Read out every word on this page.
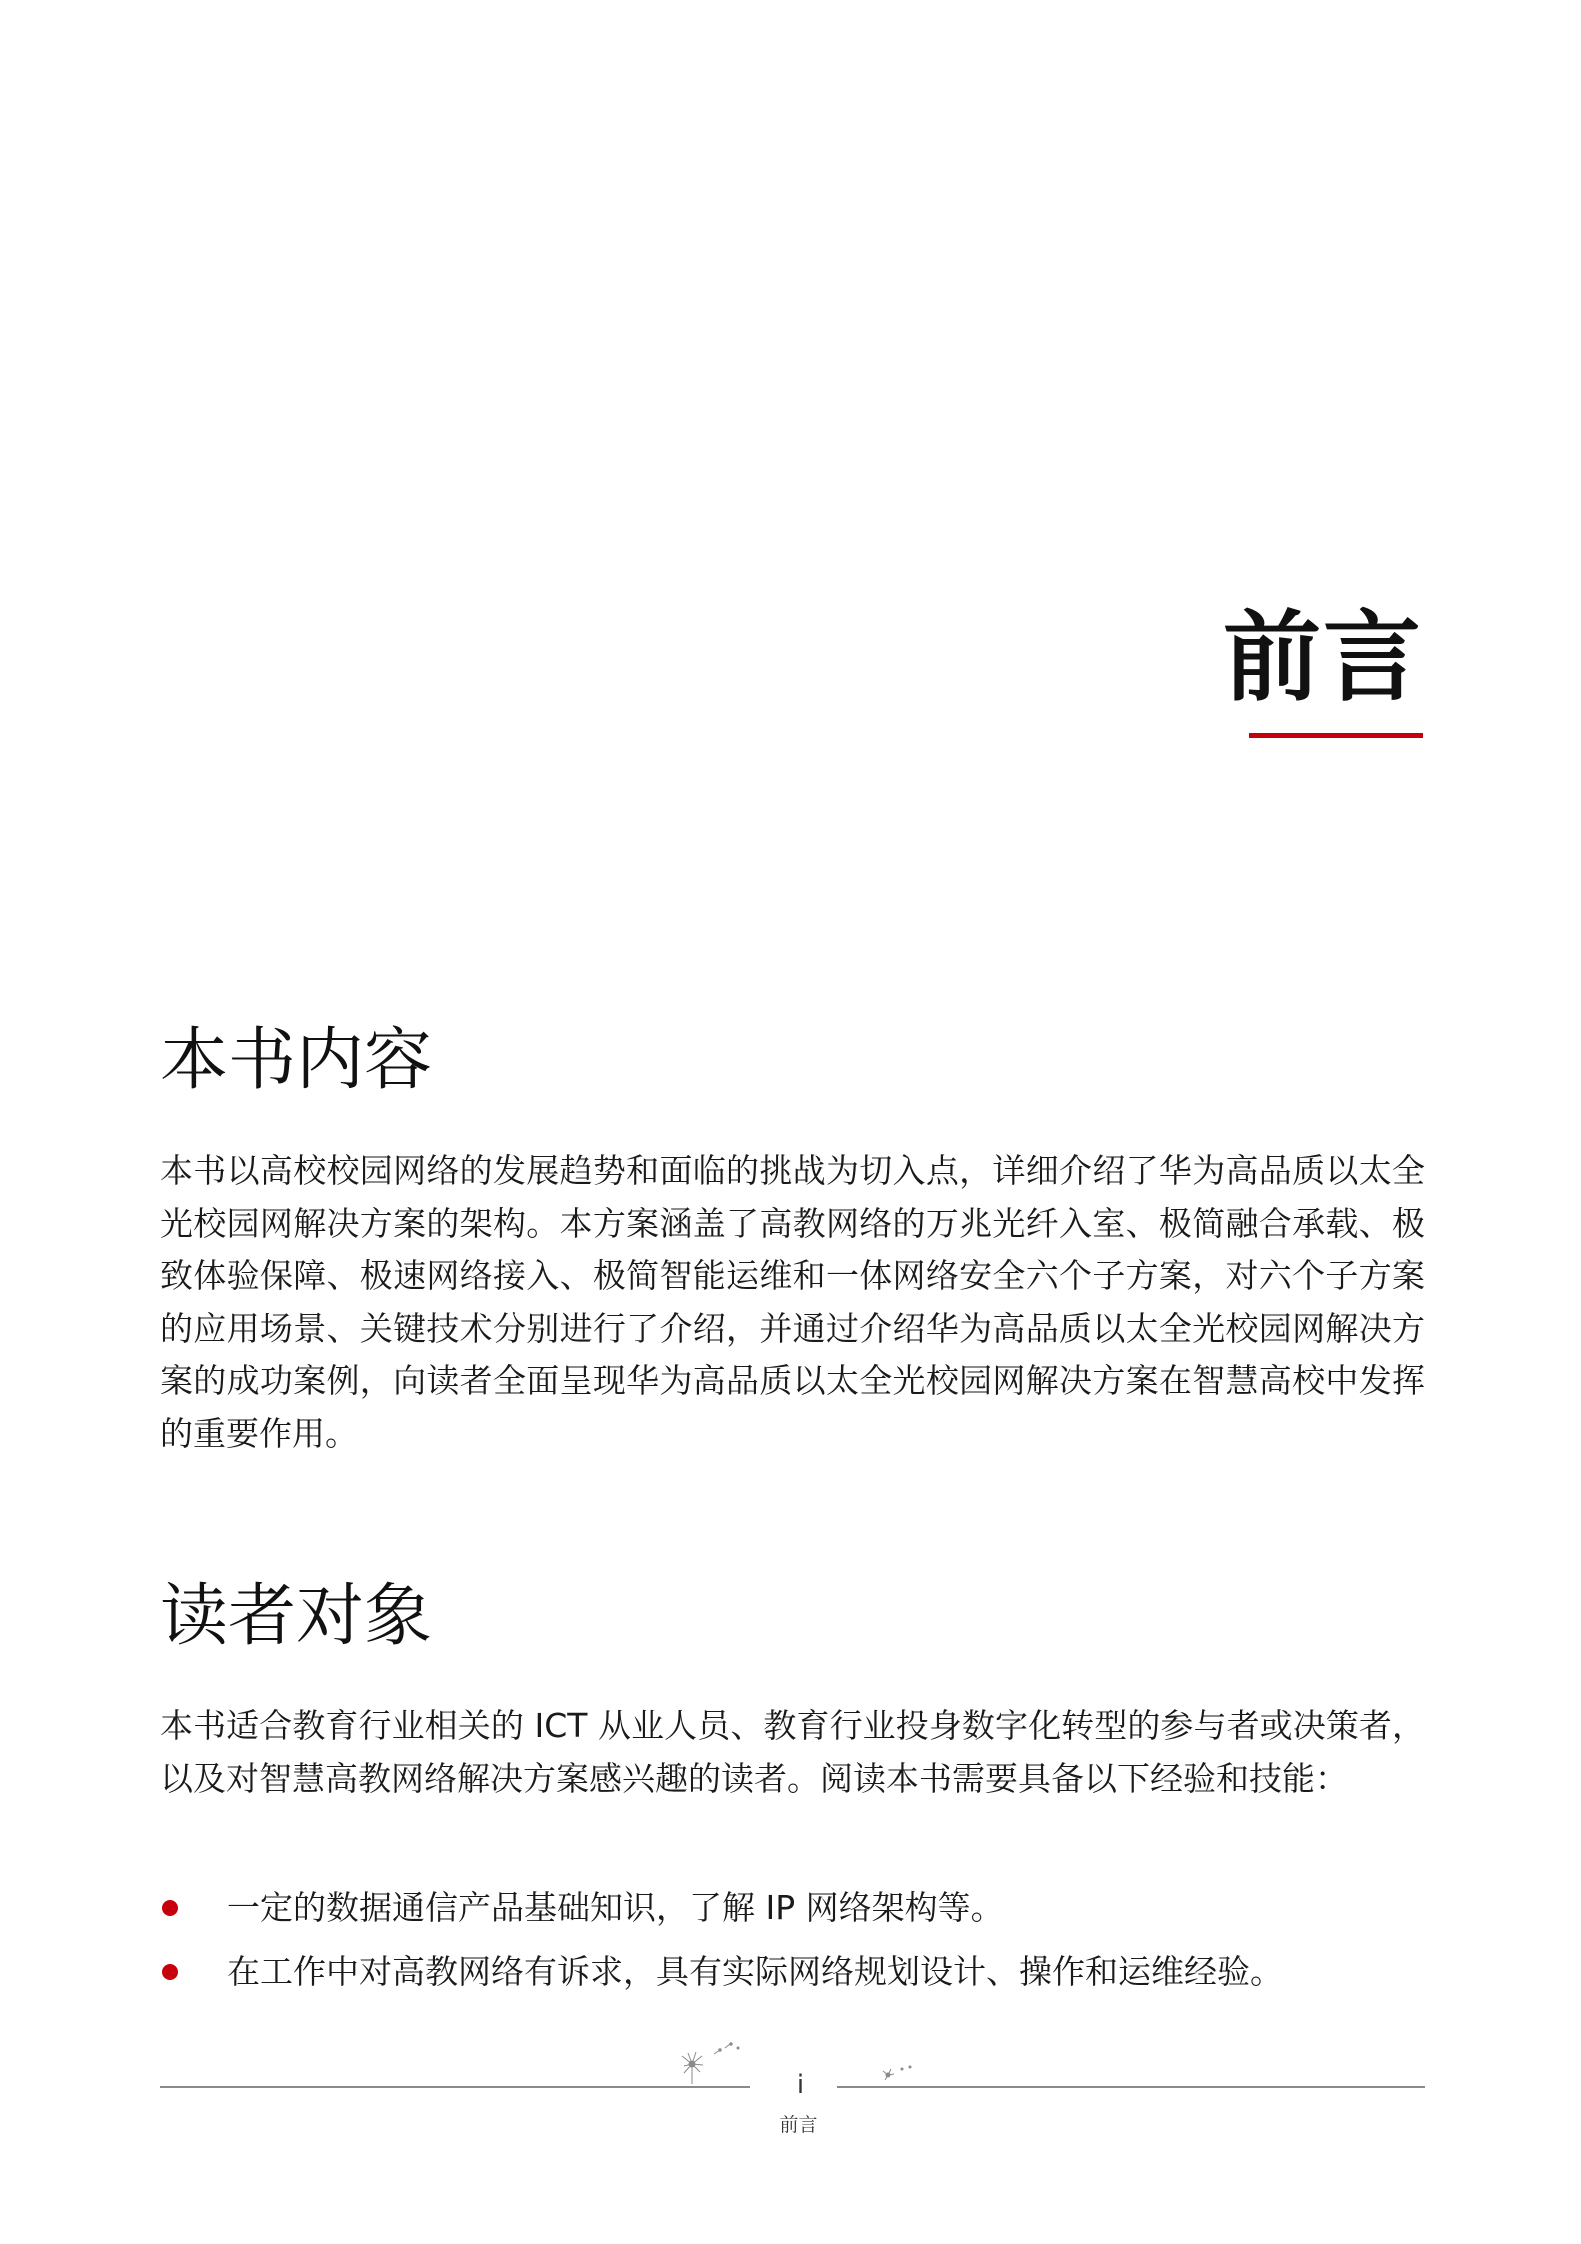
前言
本书内容

本书以高校校园网络的发展趋势和面临的挑战为切入点，详细介绍了华为高品质以太全光校园网解决方案的架构。本方案涵盖了高教网络的万兆光纤入室、极简融合承载、极致体验保障、极速网络接入、极简智能运维和一体网络安全六个子方案，对六个子方案的应用场景、关键技术分别进行了介绍，并通过介绍华为高品质以太全光校园网解决方案的成功案例，向读者全面呈现华为高品质以太全光校园网解决方案在智慧高校中发挥的重要作用。

读者对象

本书适合教育行业相关的 ICT 从业人员、教育行业投身数字化转型的参与者或决策者，以及对智慧高教网络解决方案感兴趣的读者。阅读本书需要具备以下经验和技能：

一定的数据通信产品基础知识，了解 IP 网络架构等。
在工作中对高教网络有诉求，具有实际网络规划设计、操作和运维经验。
i
前言
